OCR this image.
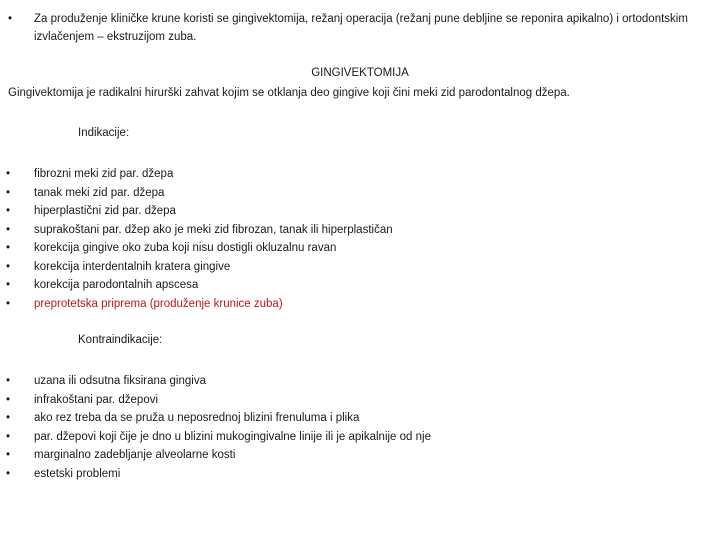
• Za produženje kliničke krune koristi se gingivektomija, režanj operacija (režanj pune debljine se reponira apikalno) i ortodontskim izvlačenjem – ekstruzijom zuba.
GINGIVEKTOMIJA
Gingivektomija je radikalni hirurški zahvat kojim se otklanja deo gingive koji čini meki zid parodontalnog džepa.
Indikacije:
• fibrozni meki zid par. džepa
• tanak meki zid par. džepa
• hiperplastični zid par. džepa
• suprakoštani par. džep ako je meki zid fibrozan, tanak ili hiperplastičan
• korekcija gingive oko zuba koji nisu dostigli okluzalnu ravan
• korekcija interdentalnih kratera gingive
• korekcija parodontalnih apscesa
• preprotetska priprema (produženje krunice zuba)
Kontraindikacije:
• uzana ili odsutna fiksirana gingiva
• infrakoštani par. džepovi
• ako rez treba da se pruža u neposrednoj blizini frenuluma i plika
• par. džepovi koji čije je dno u blizini mukogingivalne linije ili je apikalnije od nje
• marginalno zadebljanje alveolarne kosti
• estetski problemi
